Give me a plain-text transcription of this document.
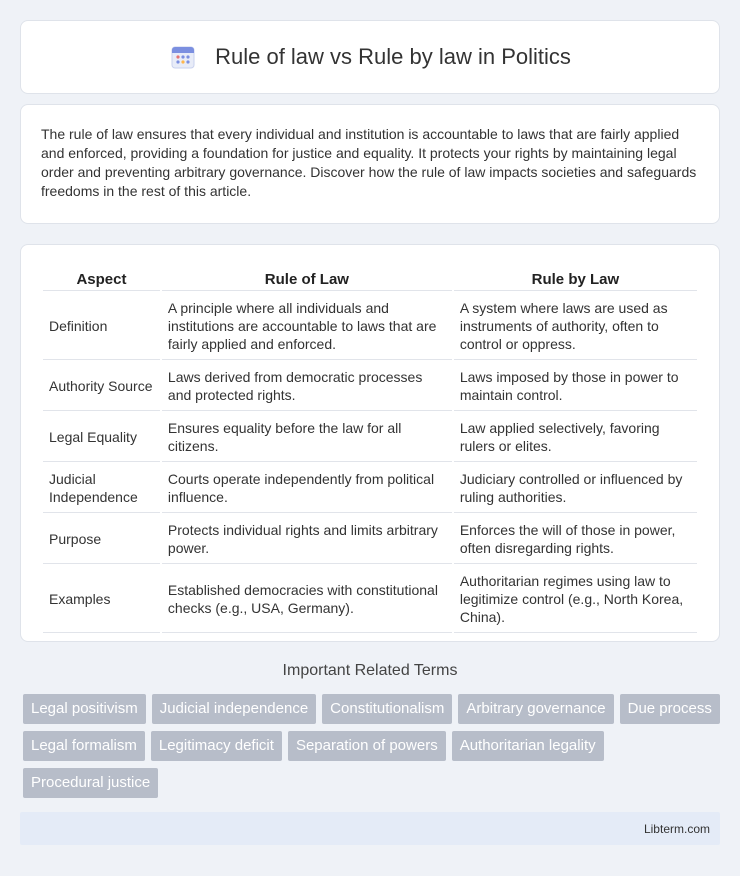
Rule of law vs Rule by law in Politics

The rule of law ensures that every individual and institution is accountable to laws that are fairly applied and enforced, providing a foundation for justice and equality. It protects your rights by maintaining legal order and preventing arbitrary governance. Discover how the rule of law impacts societies and safeguards freedoms in the rest of this article.

Aspect	Rule of Law	Rule by Law
Definition	A principle where all individuals and institutions are accountable to laws that are fairly applied and enforced.	A system where laws are used as instruments of authority, often to control or oppress.
Authority Source	Laws derived from democratic processes and protected rights.	Laws imposed by those in power to maintain control.
Legal Equality	Ensures equality before the law for all citizens.	Law applied selectively, favoring rulers or elites.
Judicial Independence	Courts operate independently from political influence.	Judiciary controlled or influenced by ruling authorities.
Purpose	Protects individual rights and limits arbitrary power.	Enforces the will of those in power, often disregarding rights.
Examples	Established democracies with constitutional checks (e.g., USA, Germany).	Authoritarian regimes using law to legitimize control (e.g., North Korea, China).
Important Related Terms
Legal positivism	Judicial independence	Constitutionalism	Arbitrary governance	Due process
Legal formalism	Legitimacy deficit	Separation of powers	Authoritarian legality
Procedural justice
Libterm.com
